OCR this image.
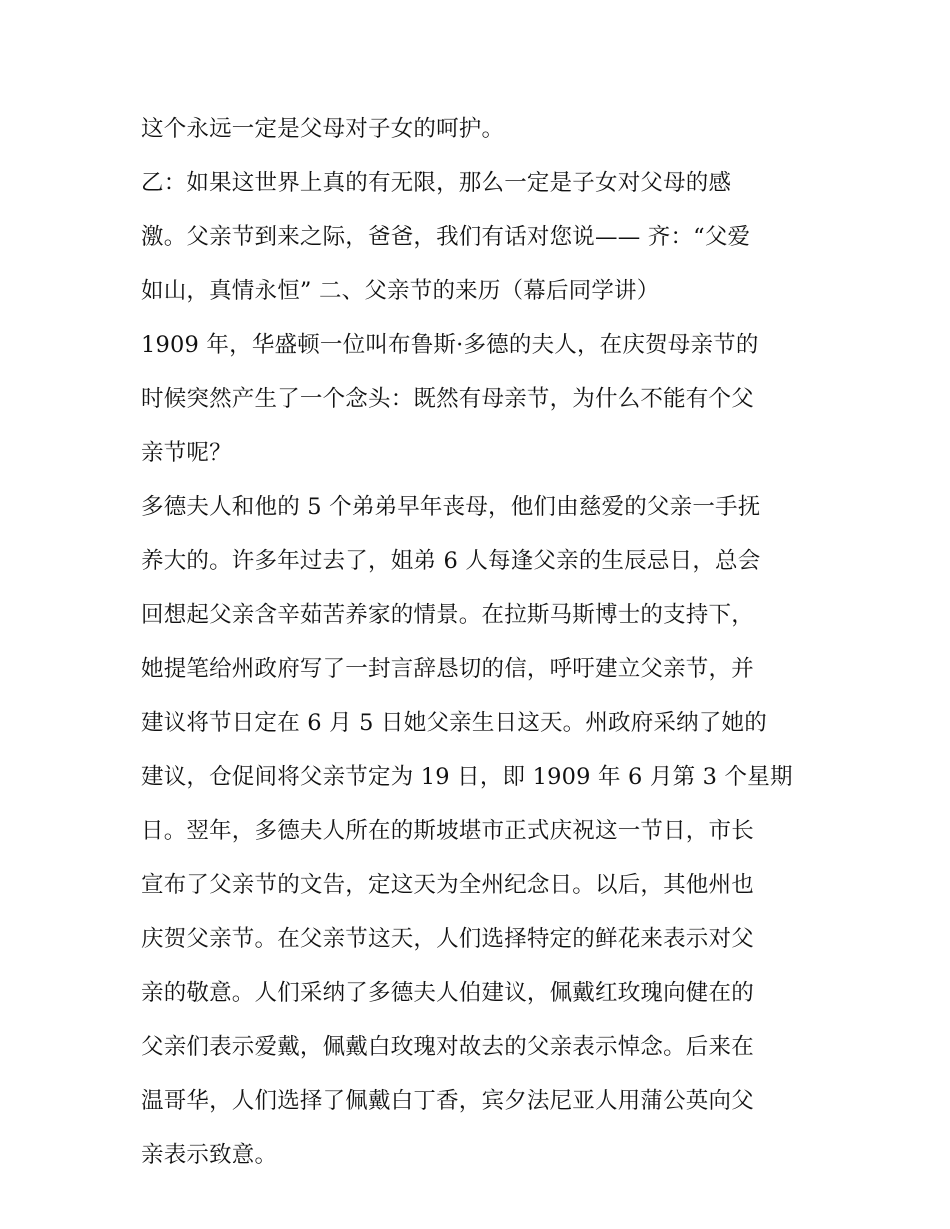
这个永远一定是父母对子女的呵护。
乙：如果这世界上真的有无限，那么一定是子女对父母的感
激。父亲节到来之际，爸爸，我们有话对您说—— 齐：“父爱
如山，真情永恒” 二、父亲节的来历（幕后同学讲）
1909 年，华盛顿一位叫布鲁斯·多德的夫人，在庆贺母亲节的
时候突然产生了一个念头：既然有母亲节，为什么不能有个父
亲节呢？
多德夫人和他的 5 个弟弟早年丧母，他们由慈爱的父亲一手抚
养大的。许多年过去了，姐弟 6 人每逢父亲的生辰忌日，总会
回想起父亲含辛茹苦养家的情景。在拉斯马斯博士的支持下，
她提笔给州政府写了一封言辞恳切的信，呼吁建立父亲节，并
建议将节日定在 6 月 5 日她父亲生日这天。州政府采纳了她的
建议，仓促间将父亲节定为 19 日，即 1909 年 6 月第 3 个星期
日。翌年，多德夫人所在的斯坡堪市正式庆祝这一节日，市长
宣布了父亲节的文告，定这天为全州纪念日。以后，其他州也
庆贺父亲节。在父亲节这天，人们选择特定的鲜花来表示对父
亲的敬意。人们采纳了多德夫人伯建议，佩戴红玫瑰向健在的
父亲们表示爱戴，佩戴白玫瑰对故去的父亲表示悼念。后来在
温哥华，人们选择了佩戴白丁香，宾夕法尼亚人用蒲公英向父
亲表示致意。
